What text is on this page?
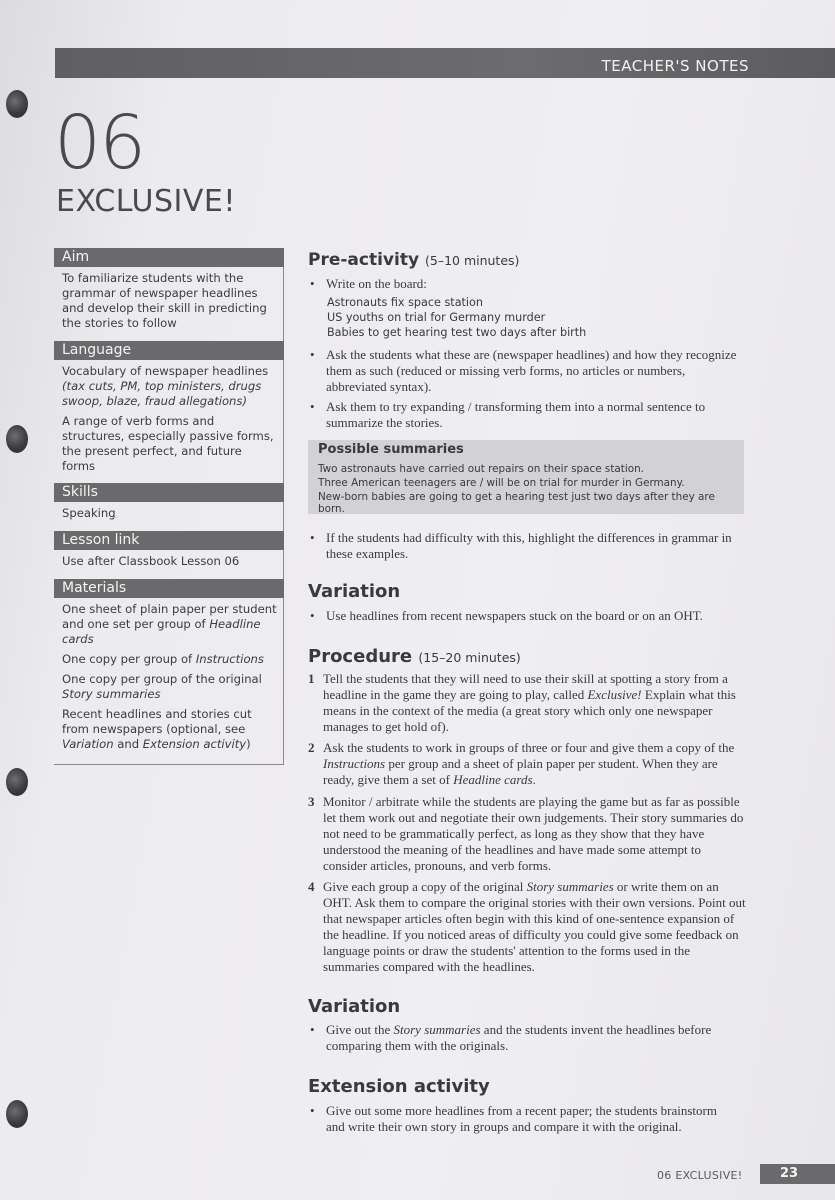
TEACHER'S NOTES
06
EXCLUSIVE!
Aim
To familiarize students with the grammar of newspaper headlines and develop their skill in predicting the stories to follow
Language
Vocabulary of newspaper headlines (tax cuts, PM, top ministers, drugs swoop, blaze, fraud allegations)
A range of verb forms and structures, especially passive forms, the present perfect, and future forms
Skills
Speaking
Lesson link
Use after Classbook Lesson 06
Materials
One sheet of plain paper per student and one set per group of Headline cards
One copy per group of Instructions
One copy per group of the original Story summaries
Recent headlines and stories cut from newspapers (optional, see Variation and Extension activity)
Pre-activity (5–10 minutes)
• Write on the board:
Astronauts fix space station
US youths on trial for Germany murder
Babies to get hearing test two days after birth
• Ask the students what these are (newspaper headlines) and how they recognize them as such (reduced or missing verb forms, no articles or numbers, abbreviated syntax).
• Ask them to try expanding / transforming them into a normal sentence to summarize the stories.
Possible summaries
Two astronauts have carried out repairs on their space station.
Three American teenagers are / will be on trial for murder in Germany.
New-born babies are going to get a hearing test just two days after they are born.
• If the students had difficulty with this, highlight the differences in grammar in these examples.
Variation
• Use headlines from recent newspapers stuck on the board or on an OHT.
Procedure (15–20 minutes)
1 Tell the students that they will need to use their skill at spotting a story from a headline in the game they are going to play, called Exclusive! Explain what this means in the context of the media (a great story which only one newspaper manages to get hold of).
2 Ask the students to work in groups of three or four and give them a copy of the Instructions per group and a sheet of plain paper per student. When they are ready, give them a set of Headline cards.
3 Monitor / arbitrate while the students are playing the game but as far as possible let them work out and negotiate their own judgements. Their story summaries do not need to be grammatically perfect, as long as they show that they have understood the meaning of the headlines and have made some attempt to consider articles, pronouns, and verb forms.
4 Give each group a copy of the original Story summaries or write them on an OHT. Ask them to compare the original stories with their own versions. Point out that newspaper articles often begin with this kind of one-sentence expansion of the headline. If you noticed areas of difficulty you could give some feedback on language points or draw the students' attention to the forms used in the summaries compared with the headlines.
Variation
• Give out the Story summaries and the students invent the headlines before comparing them with the originals.
Extension activity
• Give out some more headlines from a recent paper; the students brainstorm and write their own story in groups and compare it with the original.
06 EXCLUSIVE!	23
